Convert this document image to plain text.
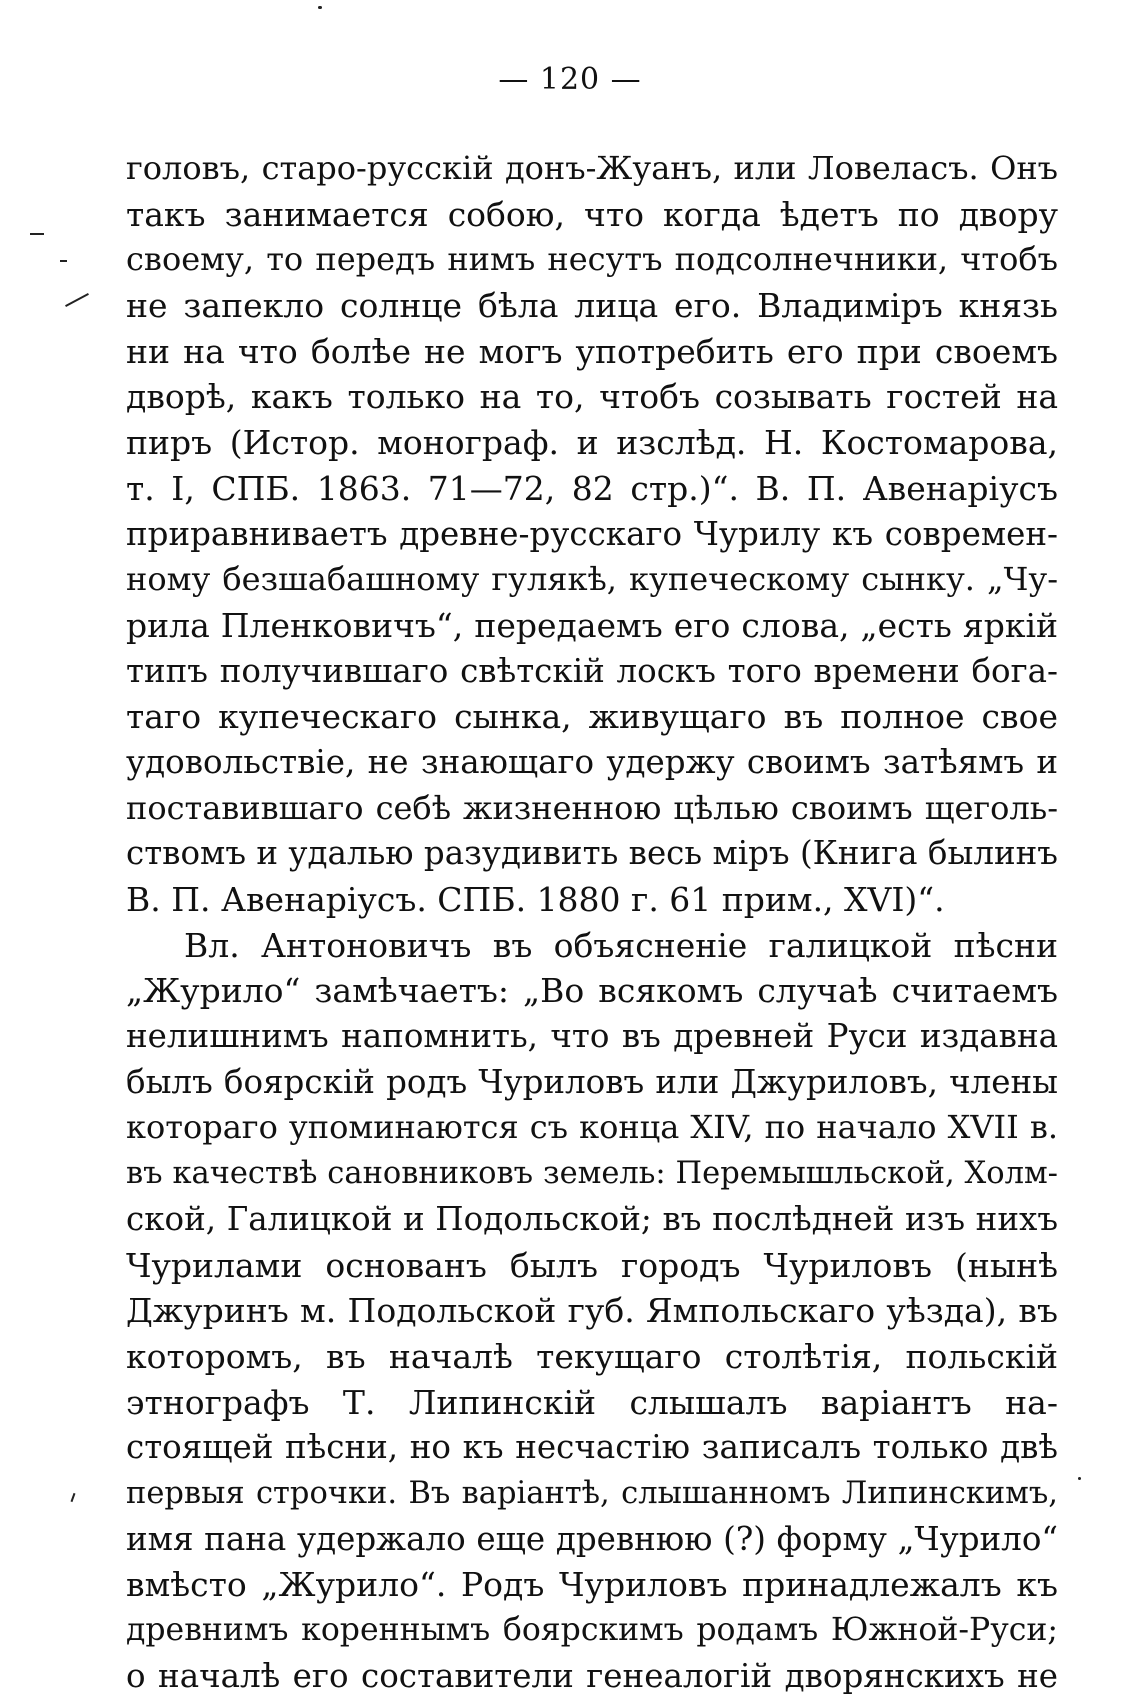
— 120 —
головъ, старо-русскій донъ-Жуанъ, или Ловеласъ. Онъ
такъ занимается собою, что когда ѣдетъ по двору
своему, то передъ нимъ несутъ подсолнечники, чтобъ
не запекло солнце бѣла лица его. Владиміръ князь
ни на что болѣе не могъ употребить его при своемъ
дворѣ, какъ только на то, чтобъ созывать гостей на
пиръ (Истор. монограф. и изслѣд. Н. Костомарова,
т. I, СПБ. 1863. 71—72, 82 стр.)“. В. П. Авенаріусъ
приравниваетъ древне-русскаго Чурилу къ современ-
ному безшабашному гулякѣ, купеческому сынку. „Чу-
рила Пленковичъ“, передаемъ его слова, „есть яркій
типъ получившаго свѣтскій лоскъ того времени бога-
таго купеческаго сынка, живущаго въ полное свое
удовольствіе, не знающаго удержу своимъ затѣямъ и
поставившаго себѣ жизненною цѣлью своимъ щеголь-
ствомъ и удалью разудивить весь міръ (Книга былинъ
В. П. Авенаріусъ. СПБ. 1880 г. 61 прим., XVI)“.
Вл. Антоновичъ въ объясненіе галицкой пѣсни
„Журило“ замѣчаетъ: „Во всякомъ случаѣ считаемъ
нелишнимъ напомнить, что въ древней Руси издавна
былъ боярскій родъ Чуриловъ или Джуриловъ, члены
котораго упоминаются съ конца XIV, по начало XVII в.
въ качествѣ сановниковъ земель: Перемышльской, Холм-
ской, Галицкой и Подольской; въ послѣдней изъ нихъ
Чурилами основанъ былъ городъ Чуриловъ (нынѣ
Джуринъ м. Подольской губ. Ямпольскаго уѣзда), въ
которомъ, въ началѣ текущаго столѣтія, польскій
этнографъ Т. Липинскій слышалъ варіантъ на-
стоящей пѣсни, но къ несчастію записалъ только двѣ
первыя строчки. Въ варіантѣ, слышанномъ Липинскимъ,
имя пана удержало еще древнюю (?) форму „Чурило“
вмѣсто „Журило“. Родъ Чуриловъ принадлежалъ къ
древнимъ кореннымъ боярскимъ родамъ Южной-Руси;
о началѣ его составители генеалогій дворянскихъ не
